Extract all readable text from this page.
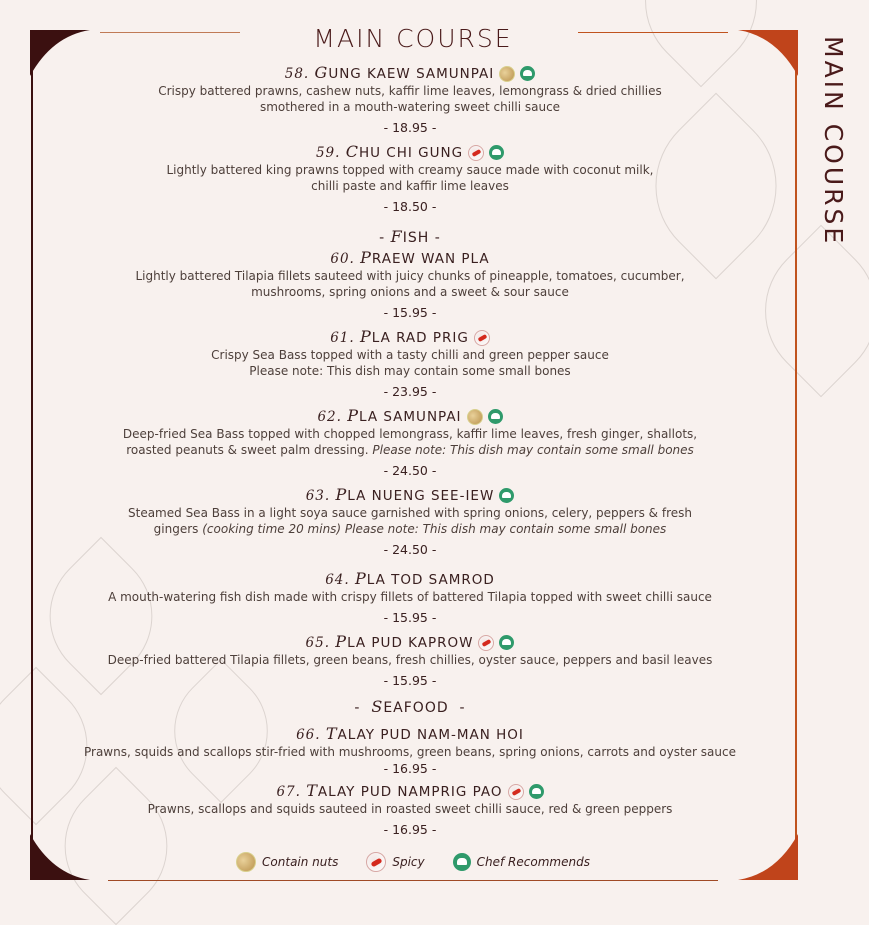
MAIN COURSE	MAIN COURSE
58. GUNG KAEW SAMUNPAI
Crispy battered prawns, cashew nuts, kaffir lime leaves, lemongrass & dried chillies
smothered in a mouth-watering sweet chilli sauce
- 18.95 -
59. CHU CHI GUNG
Lightly battered king prawns topped with creamy sauce made with coconut milk,
chilli paste and kaffir lime leaves
- 18.50 -
- FISH -
60. PRAEW WAN PLA
Lightly battered Tilapia fillets sauteed with juicy chunks of pineapple, tomatoes, cucumber,
mushrooms, spring onions and a sweet & sour sauce
- 15.95 -
61. PLA RAD PRIG
Crispy Sea Bass topped with a tasty chilli and green pepper sauce
Please note: This dish may contain some small bones
- 23.95 -
62. PLA SAMUNPAI
Deep-fried Sea Bass topped with chopped lemongrass, kaffir lime leaves, fresh ginger, shallots,
roasted peanuts & sweet palm dressing. Please note: This dish may contain some small bones
- 24.50 -
63. PLA NUENG SEE-IEW
Steamed Sea Bass in a light soya sauce garnished with spring onions, celery, peppers & fresh
gingers (cooking time 20 mins) Please note: This dish may contain some small bones
- 24.50 -
64. PLA TOD SAMROD
A mouth-watering fish dish made with crispy fillets of battered Tilapia topped with sweet chilli sauce
- 15.95 -
65. PLA PUD KAPROW
Deep-fried battered Tilapia fillets, green beans, fresh chillies, oyster sauce, peppers and basil leaves
- 15.95 -
-  SEAFOOD  -
66. TALAY PUD NAM-MAN HOI
Prawns, squids and scallops stir-fried with mushrooms, green beans, spring onions, carrots and oyster sauce
- 16.95 -
67. TALAY PUD NAMPRIG PAO
Prawns, scallops and squids sauteed in roasted sweet chilli sauce, red & green peppers
- 16.95 -
Contain nuts	Spicy	Chef Recommends
